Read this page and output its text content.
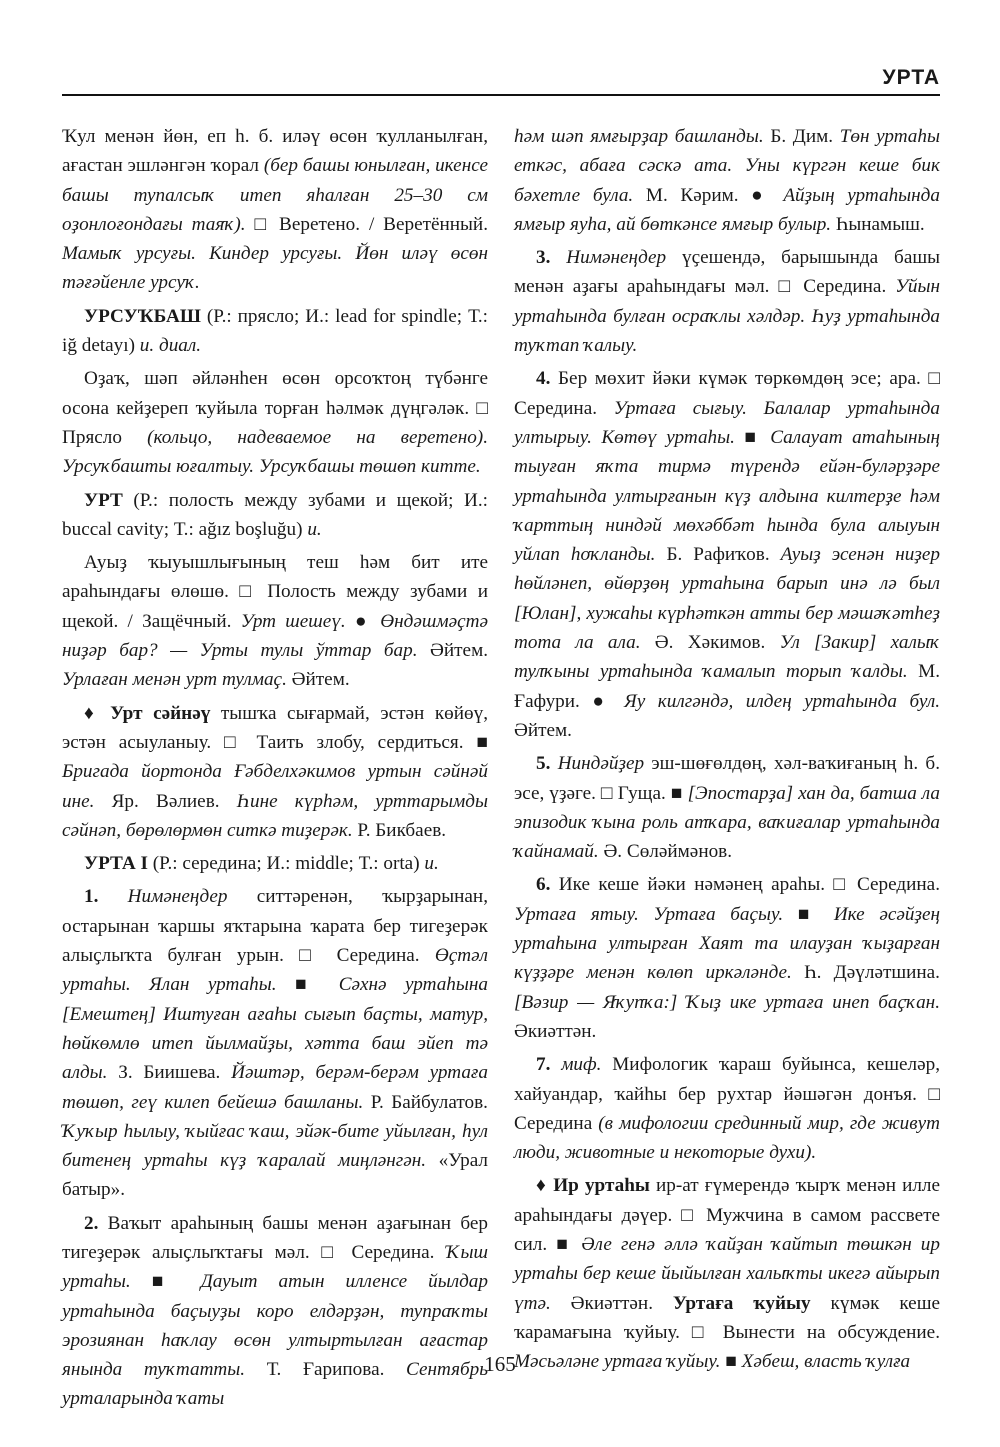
УРТА

Ҡул менән йөн, еп һ. б. иләү өсөн ҡулланылған, ағастан эшләнгән ҡорал (бер башы юнылған, икенсе башы тупалсыҡ итеп яһалған 25–30 см оҙонлоғондағы таяҡ). □ Веретено. / Веретённый. Мамыҡ урсуғы. Киндер урсуғы. Йөн иләү өсөн тәғәйенле урсуҡ.

УРСУҠБАШ (Р.: прясло; И.: lead for spindle; Т.: iğ detayı) и. диал.

Оҙаҡ, шәп әйләнһен өсөн орсоҡтоң түбәнге осона кейҙереп ҡуйыла торған һәлмәк дүңгәләк. □ Прясло (кольцо, надеваемое на веретено). Урсуҡбашты юғалтыу. Урсуҡбашы төшөп китте.

УРТ (Р.: полость между зубами и щекой; И.: buccal cavity; Т.: ağız boşluğu) и.

Ауыҙ ҡыуышлығының теш һәм бит ите араһындағы өлөшө. □ Полость между зубами и щекой. / Защёчный. Урт шешеү. ● Өндәшмәҫтә ниҙәр бар? — Урты тулы ўттар бар. Әйтем. Урлаған менән урт тулмаҫ. Әйтем.

♦ Урт сәйнәү тышҡа сығармай, эстән көйөү, эстән асыуланыу. □ Таить злобу, сердиться. ■ Бригада йортонда Ғәбделхәкимов уртын сәйнәй ине. Яр. Вәлиев. Һине күрһәм, урттарымды сәйнәп, бөрөлөрмөн ситкә тиҙерәк. Р. Бикбаев.

УРТА I (Р.: середина; И.: middle; Т.: orta) и.

1. Нимәнеңдер ситтәренән, ҡырҙарынан, остарынан ҡаршы яҡтарына ҡарата бер тигеҙерәк алыҫлыҡта булған урын. □ Середина. Өҫтәл уртаһы. Ялан уртаһы. ■ Сәхнә уртаһына [Емештең] Иштуған ағаһы сығып баҫты, матур, һөйкөмлө итеп йылмайҙы, хәтта баш эйеп тә алды. З. Биишева. Йәштәр, берәм-берәм уртаға төшөп, геү килеп бейешә башланы. Р. Байбулатов. Ҡуҡыр һылыу, ҡыйғас ҡаш, эйәк-бите уйылған, һул битенең уртаһы күҙ ҡаралай миңләнгән. «Урал батыр».

2. Ваҡыт араһының башы менән аҙағынан бер тигеҙерәк алыҫлыҡтағы мәл. □ Середина. Ҡыш уртаһы. ■ Дауыт атын илленсе йылдар уртаһында баҫыуҙы коро елдәрҙән, тупраҡты эрозиянан һаҡлау өсөн ултыртылған ағастар янында туҡтатты. Т. Ғарипова. Сентябрь урталарында ҡаты

һәм шәп ямғырҙар башланды. Б. Дим. Төн уртаһы еткәс, абаға сәскә ата. Уны күргән кеше бик бәхетле була. М. Кәрим. ● Айҙың уртаһында ямғыр яуһа, ай бөткәнсе ямғыр булыр. Һынамыш.

3. Нимәнеңдер үҫешендә, барышында башы менән аҙағы араһындағы мәл. □ Середина. Уйын уртаһында булған осраҡлы хәлдәр. Һуҙ уртаһында туҡтап ҡалыу.

4. Бер мөхит йәки күмәк төркөмдөң эсе; ара. □ Середина. Уртаға сығыу. Балалар уртаһында ултырыу. Көтөү уртаһы. ■ Салауат атаһының тыуған яҡта тирмә түрендә ейән-буләрҙәре уртаһында ултырғанын күҙ алдына килтерҙе һәм ҡарттың ниндәй мөхәббәт һында була алыуын уйлап һоҡланды. Б. Рафиҡов. Ауыҙ эсенән ниҙер һөйләнеп, өйөрҙөң уртаһына барып инә лә был [Юлан], хужаһы күрһәткән атты бер мәшәҡәтһеҙ тота ла ала. Ә. Хәкимов. Ул [Закир] халыҡ тулҡыны уртаһында ҡамалып торып ҡалды. М. Ғафури. ● Яу килгәндә, илдең уртаһында бул. Әйтем.

5. Ниндәйҙер эш-шөғөлдөң, хәл-ваҡиғаның һ. б. эсе, үҙәге. □ Гуща. ■ [Эпостарҙа] хан да, батша ла эпизодик ҡына роль атҡара, ваҡиғалар уртаһында ҡайнамай. Ә. Сөләймәнов.

6. Ике кеше йәки нәмәнең араһы. □ Середина. Уртаға ятыу. Уртаға баҫыу. ■ Ике әсәйҙең уртаһына ултырған Хаят та илауҙан ҡыҙарған күҙҙәре менән көлөп иркәләнде. Һ. Дәүләтшина. [Вәзир — Яҡупҡа:] Ҡыҙ ике уртаға инеп баҫҡан. Әкиәттән.

7. миф. Мифологик ҡараш буйынса, кешеләр, хайуандар, ҡайһы бер рухтар йәшәгән донъя. □ Середина (в мифологии срединный мир, где живут люди, животные и некоторые духи).

♦ Ир уртаһы ир-ат ғүмерендә ҡырҡ менән илле араһындағы дәүер. □ Мужчина в самом рассвете сил. ■ Әле генә әллә ҡайҙан ҡайтып төшкән ир уртаһы бер кеше йыйылған халыҡты икегә айырып үтә. Әкиәттән. Уртаға ҡуйыу күмәк кеше ҡарамағына ҡуйыу. □ Вынести на обсуждение. Мәсьәләне уртаға ҡуйыу. ■ Хәбеш, власть ҡулға

165
